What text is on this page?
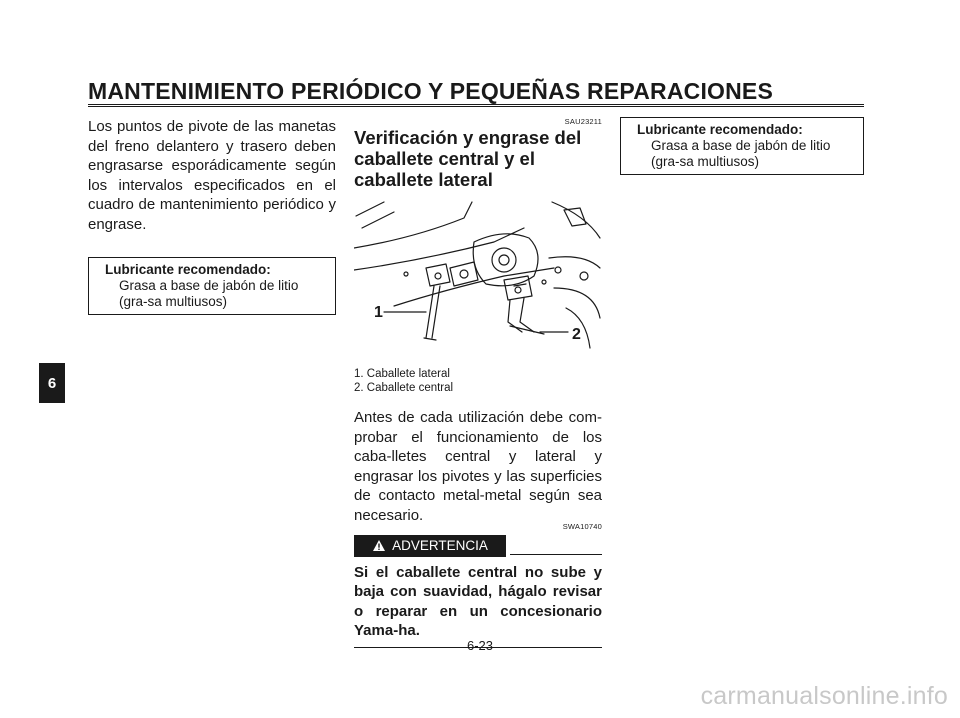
MANTENIMIENTO PERIÓDICO Y PEQUEÑAS REPARACIONES
6

Los puntos de pivote de las manetas del freno delantero y trasero deben engrasarse esporádicamente según los intervalos especificados en el cuadro de mantenimiento periódico y engrase.

Lubricante recomendado:
Grasa a base de jabón de litio (gra-sa multiusos)
SAU23211
Verificación y engrase del caballete central y el caballete lateral
1
2
1. Caballete lateral
2. Caballete central

Antes de cada utilización debe com-probar el funcionamiento de los caba-lletes central y lateral y engrasar los pivotes y las superficies de contacto metal-metal según sea necesario.

SWA10740
ADVERTENCIA
Si el caballete central no sube y baja con suavidad, hágalo revisar o reparar en un concesionario Yama-ha.
Lubricante recomendado:
Grasa a base de jabón de litio (gra-sa multiusos)
6-23
carmanualsonline.info
